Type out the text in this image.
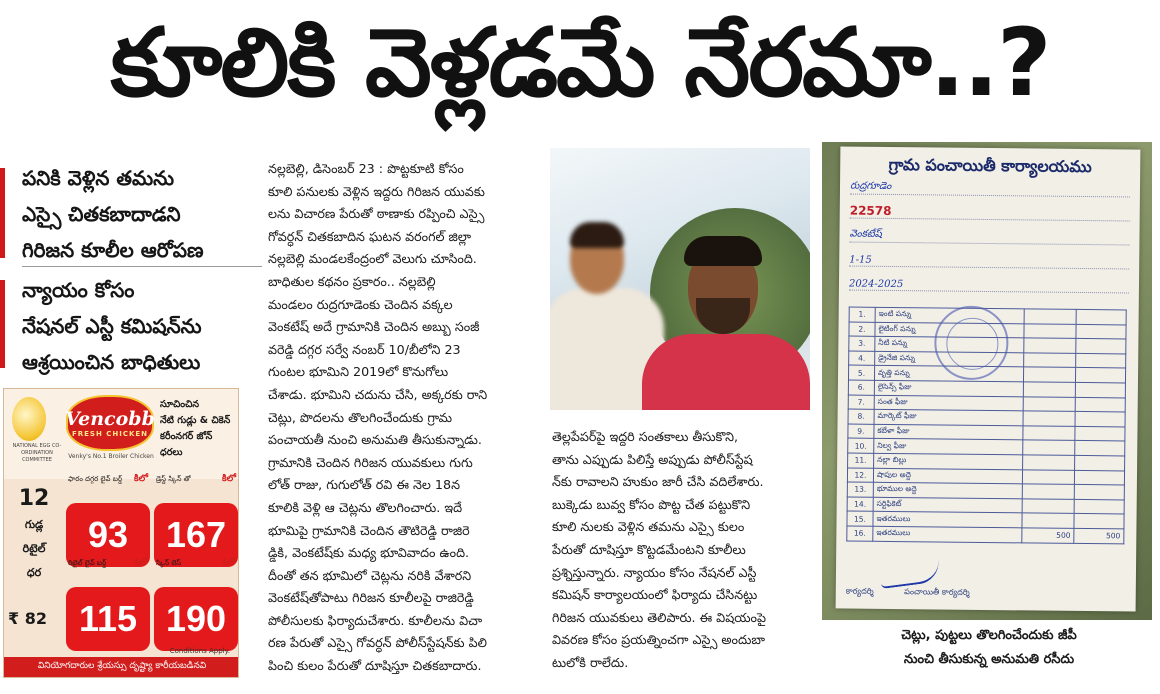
కూలికి వెళ్లడమే నేరమా..?
పనికి వెళ్లిన తమను
ఎస్సై చితకబాదాడని
గిరిజన కూలీల ఆరోపణ
న్యాయం కోసం
నేషనల్ ఎస్టీ కమిషన్‌ను
ఆశ్రయించిన బాధితులు
NATIONAL EGG CO-ORDINATION COMMITTEE
Vencobb
FRESH CHICKEN
Venky's No.1 Broiler Chicken
సూచించిన
నేటి గుడ్లు & చికెన్
కరీంనగర్ జోన్
ధరలు
12
గుడ్ల
రిటైల్
ధర
₹ 82
ఫారం దగ్గర లైవ్ బర్డ్ కిలో
93
డ్రెస్డ్ స్కిన్ తో	కిలో
167
రిటైల్ లైవ్ బర్డ్	కిలో
115
స్కిన్ లెస్	కిలో
190
Conditions Apply.
వినియోగదారుల శ్రేయస్సు దృష్ట్యా కారీయబడినవి

నల్లబెల్లి, డిసెంబర్ 23 : పొట్టకూటి కోసం

కూలి పనులకు వెళ్లిన ఇద్దరు గిరిజన యువకు

లను విచారణ పేరుతో ఠాణాకు రప్పించి ఎస్సై

గోవర్ధన్ చితకబాదిన ఘటన వరంగల్ జిల్లా

నల్లబెల్లి మండలకేంద్రంలో వెలుగు చూసింది.

బాధితుల కథనం ప్రకారం.. నల్లబెల్లి

మండలం రుద్రగూడెంకు చెందిన వక్కల

వెంకటేష్ అదే గ్రామానికి చెందిన అబ్బు సంజీ

వరెడ్డి దగ్గర సర్వే నంబర్ 10/బీలోని 23

గుంటల భూమిని 2019లో కొనుగోలు

చేశాడు. భూమిని చదును చేసి, అక్కరకు రాని

చెట్లు, పొదలను తొలగించేందుకు గ్రామ

పంచాయతీ నుంచి అనుమతి తీసుకున్నాడు.

గ్రామానికి చెందిన గిరిజన యువకులు గుగు

లోత్ రాజు, గుగులోత్ రవి ఈ నెల 18న

కూలికి వెళ్లి ఆ చెట్లను తొలగించారు. ఇదే

భూమిపై గ్రామానికి చెందిన తౌటిరెడ్డి రాజిరె

డ్డికి, వెంకటేష్‌కు మధ్య భూవివాదం ఉంది.

దీంతో తన భూమిలో చెట్లను నరికి వేశారని

వెంకటేష్‌తోపాటు గిరిజన కూలీలపై రాజిరెడ్డి

పోలీసులకు ఫిర్యాదుచేశారు. కూలీలను విచా

రణ పేరుతో ఎస్సై గోవర్ధన్ పోలీస్‌స్టేషన్‌కు పిలి

పించి కులం పేరుతో దూషిస్తూ చితకబాదారు.

తెల్లపేపర్‌పై ఇద్దరి సంతకాలు తీసుకొని,

తాను ఎప్పుడు పిలిస్తే అప్పుడు పోలీస్‌స్టేష

న్‌కు రావాలని హుకుం జారీ చేసి వదిలేశారు.

బుక్కెడు బువ్వ కోసం పొట్ట చేత పట్టుకొని

కూలి నులకు వెళ్లిన తమను ఎస్సై కులం

పేరుతో దూషిస్తూ కొట్టడమేంటని కూలీలు

ప్రశ్నిస్తున్నారు. న్యాయం కోసం నేషనల్ ఎస్టీ

కమిషన్ కార్యాలయంలో ఫిర్యాదు చేసినట్టు

గిరిజన యువకులు తెలిపారు. ఈ విషయంపై

వివరణ కోసం ప్రయత్నించగా ఎస్సై అందుబా

టులోకి రాలేదు.

గ్రామ పంచాయితీ కార్యాలయము
రుద్రగూడెం
22578
వెంకటేష్
1-15
2024-2025
1.	ఇంటి పన్ను		
2.	లైటింగ్ పన్ను		
3.	నీటి పన్ను		
4.	డ్రైనేజి పన్ను		
5.	వృత్తి పన్ను		
6.	లైసెన్స్ ఫీజు		
7.	సంత ఫీజు		
8.	మార్కెట్ ఫీజు		
9.	కబేళా ఫీజు		
10.	నిల్వ ఫీజు		
11.	నల్లా బిల్లు		
12.	షాపుల అద్దె		
13.	భూముల అద్దె		
14.	సర్టిఫికెట్		
15.	ఇతరములు		
16.	ఇతరములు	500	500
కార్యదర్శి            పంచాయితీ కార్యదర్శి

చెట్లు, పుట్టలు తొలగించేందుకు జీపీ

నుంచి తీసుకున్న అనుమతి రసీదు
